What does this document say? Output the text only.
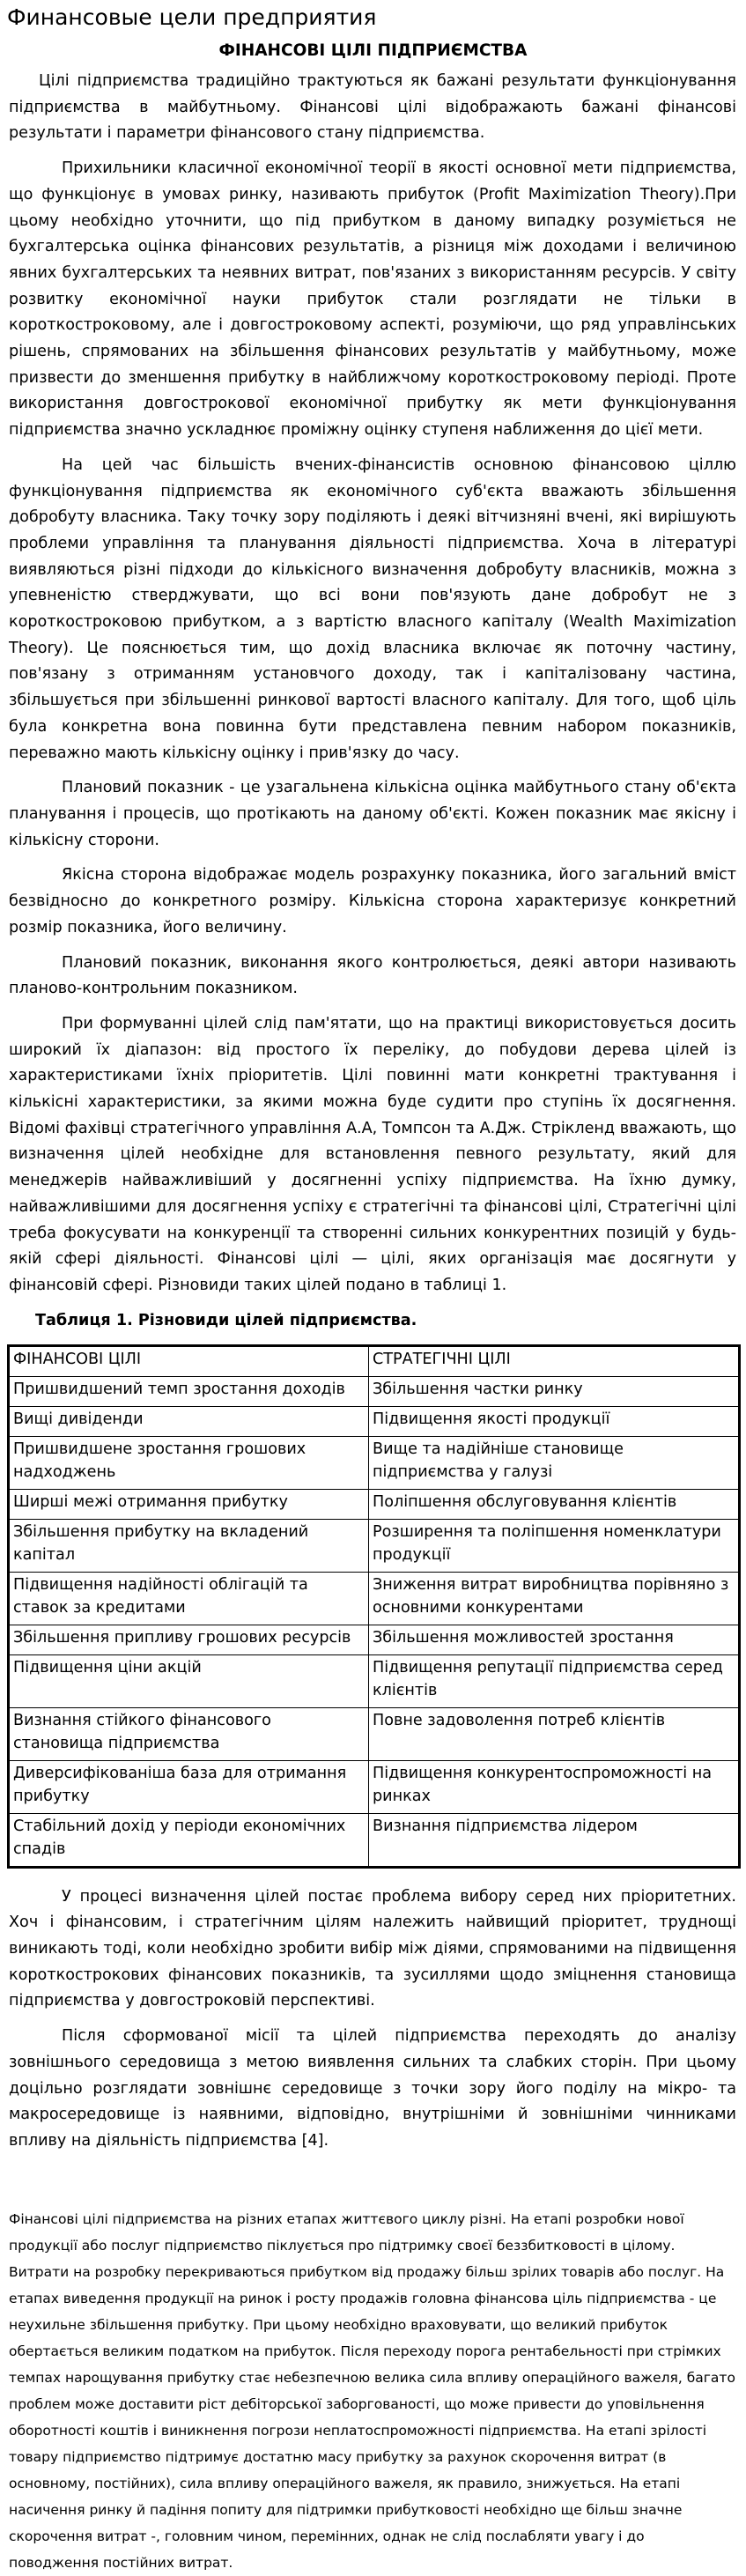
Финансовые цели предприятия
ФІНАНСОВІ ЦІЛІ ПІДПРИЄМСТВА

Цілі підприємства традиційно трактуються як бажані результати функціонування підприємства в майбутньому. Фінансові цілі відображають бажані фінансові результати і параметри фінансового стану підприємства.

Прихильники класичної економічної теорії в якості основної мети підприємства, що функціонує в умовах ринку, називають прибуток (Profit Maximization Theory).При цьому необхідно уточнити, що під прибутком в даному випадку розуміється не бухгалтерська оцінка фінансових результатів, а різниця між доходами і величиною явних бухгалтерських та неявних витрат, пов'язаних з використанням ресурсів. У світу розвитку економічної науки прибуток стали розглядати не тільки в короткостроковому, але і довгостроковому аспекті, розуміючи, що ряд управлінських рішень, спрямованих на збільшення фінансових результатів у майбутньому, може призвести до зменшення прибутку в найближчому короткостроковому періоді. Проте використання довгострокової економічної прибутку як мети функціонування підприємства значно ускладнює проміжну оцінку ступеня наближення до цієї мети.

На цей час більшість вчених-фінансистів основною фінансовою ціллю функціонування підприємства як економічного суб'єкта вважають збільшення добробуту власника. Таку точку зору поділяють і деякі вітчизняні вчені, які вирішують проблеми управління та планування діяльності підприємства. Хоча в літературі виявляються різні підходи до кількісного визначення добробуту власників, можна з упевненістю стверджувати, що всі вони пов'язують дане добробут не з короткостроковою прибутком, а з вартістю власного капіталу (Wealth Maximization Theory). Це пояснюється тим, що дохід власника включає як поточну частину, пов'язану з отриманням установчого доходу, так і капіталізовану частина, збільшується при збільшенні ринкової вартості власного капіталу. Для того, щоб ціль була конкретна вона повинна бути представлена певним набором показників, переважно мають кількісну оцінку і прив'язку до часу.

Плановий показник - це узагальнена кількісна оцінка майбутнього стану об'єкта планування і процесів, що протікають на даному об'єкті. Кожен показник має якісну і кількісну сторони.

Якісна сторона відображає модель розрахунку показника, його загальний вміст безвідносно до конкретного розміру. Кількісна сторона характеризує конкретний розмір показника, його величину.

Плановий показник, виконання якого контролюється, деякі автори називають планово-контрольним показником.

При формуванні цілей слід пам'ятати, що на практиці використовується досить широкий їх діапазон: від простого їх переліку, до побудови дерева цілей із характеристиками їхніх пріоритетів. Цілі повинні мати конкретні трактування і кількісні характеристики, за якими можна буде судити про ступінь їх досягнення. Відомі фахівці стратегічного управління А.А, Томпсон та А.Дж. Стрікленд вважають, що визначення цілей необхідне для встановлення певного результату, який для менеджерів найважливіший у досягненні успіху підприємства. На їхню думку, найважливішими для досягнення успіху є стратегічні та фінансові цілі, Стратегічні цілі треба фокусувати на конкуренції та створенні сильних конкурентних позицій у будь-якій сфері діяльності. Фінансові цілі — цілі, яких організація має досягнути у фінансовій сфері. Різновиди таких цілей подано в таблиці 1.

Таблиця 1. Різновиди цілей підприємства.

ФІНАНСОВІ ЦІЛІ	СТРАТЕГІЧНІ ЦІЛІ
Пришвидшений темп зростання доходів	Збільшення частки ринку
Вищі дивіденди	Підвищення якості продукції
Пришвидшене зростання грошових надходжень	Вище та надійніше становище підприємства у галузі
Ширші межі отримання прибутку	Поліпшення обслуговування клієнтів
Збільшення прибутку на вкладений капітал	Розширення та поліпшення номенклатури продукції
Підвищення надійності облігацій та ставок за кредитами	Зниження витрат виробництва порівняно з основними конкурентами
Збільшення припливу грошових ресурсів	Збільшення можливостей зростання
Підвищення ціни акцій	Підвищення репутації підприємства серед клієнтів
Визнання стійкого фінансового становища підприємства	Повне задоволення потреб клієнтів
Диверсифікованіша база для отримання прибутку	Підвищення конкурентоспроможності на ринках
Стабільний дохід у періоди економічних спадів	Визнання підприємства лідером

У процесі визначення цілей постає проблема вибору серед них пріоритетних. Хоч і фінансовим, і стратегічним цілям належить найвищий пріоритет, труднощі виникають тоді, коли необхідно зробити вибір між діями, спрямованими на підвищення короткострокових фінансових показників, та зусиллями щодо зміцнення становища підприємства у довгостроковій перспективі.

Після сформованої місії та цілей підприємства переходять до аналізу зовнішнього середовища з метою виявлення сильних та слабких сторін. При цьому доцільно розглядати зовнішнє середовище з точки зору його поділу на мікро- та макросередовище із наявними, відповідно, внутрішніми й зовнішніми чинниками впливу на діяльність підприємства [4].

Фінансові цілі підприємства на різних етапах життєвого циклу різні. На етапі розробки нової продукції або послуг підприємство піклується про підтримку своєї беззбитковості в цілому. Витрати на розробку перекриваються прибутком від продажу більш зрілих товарів або послуг. На етапах виведення продукції на ринок і росту продажів головна фінансова ціль підприємства - це неухильне збільшення прибутку. При цьому необхідно враховувати, що великий прибуток обертається великим податком на прибуток. Після переходу порога рентабельності при стрімких темпах нарощування прибутку стає небезпечною велика сила впливу операційного важеля, багато проблем може доставити ріст дебіторської заборгованості, що може привести до уповільнення оборотності коштів і виникнення погрози неплатоспроможності підприємства. На етапі зрілості товару підприємство підтримує достатню масу прибутку за рахунок скорочення витрат (в основному, постійних), сила впливу операційного важеля, як правило, знижується. На етапі насичення ринку й падіння попиту для підтримки прибутковості необхідно ще більш значне скорочення витрат -, головним чином, перемінних, однак не слід послабляти увагу і до поводження постійних витрат.
